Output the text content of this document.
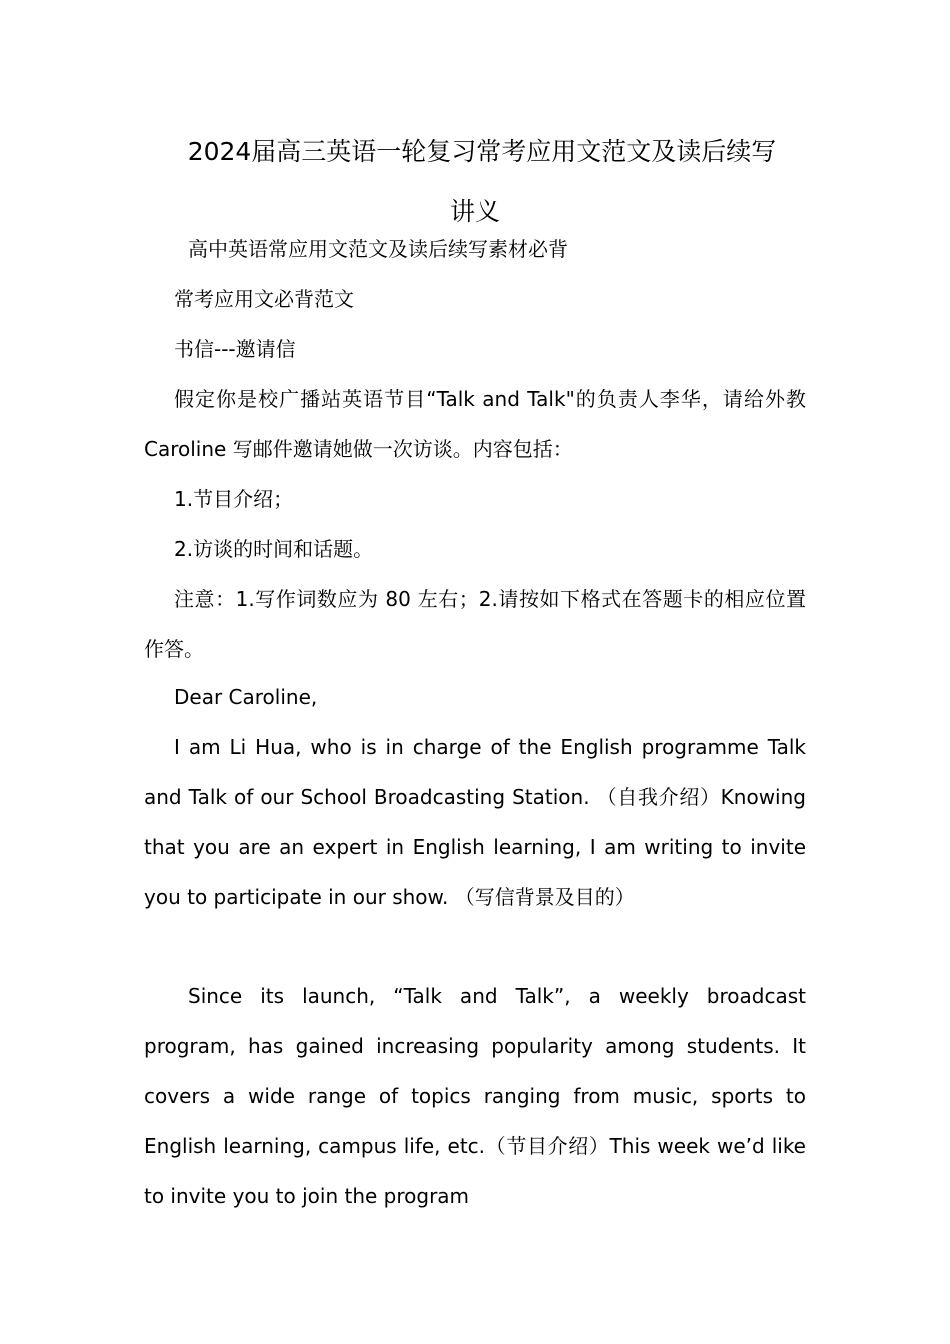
2024届高三英语一轮复习常考应用文范文及读后续写
讲义

高中英语常应用文范文及读后续写素材必背

常考应用文必背范文

书信---邀请信

假定你是校广播站英语节目“Talk and Talk"的负责人李华，请给外教 Caroline 写邮件邀请她做一次访谈。内容包括：

1.节目介绍；

2.访谈的时间和话题。

注意：1.写作词数应为 80 左右；2.请按如下格式在答题卡的相应位置作答。

Dear Caroline,

I am Li Hua, who is in charge of the English programme Talk and Talk of our School Broadcasting Station. （自我介绍）Knowing that you are an expert in English learning, I am writing to invite you to participate in our show. （写信背景及目的）

Since its launch, “Talk and Talk”, a weekly broadcast program, has gained increasing popularity among students. It covers a wide range of topics ranging from music, sports to English learning, campus life, etc.（节目介绍）This week we’d like to invite you to join the program
